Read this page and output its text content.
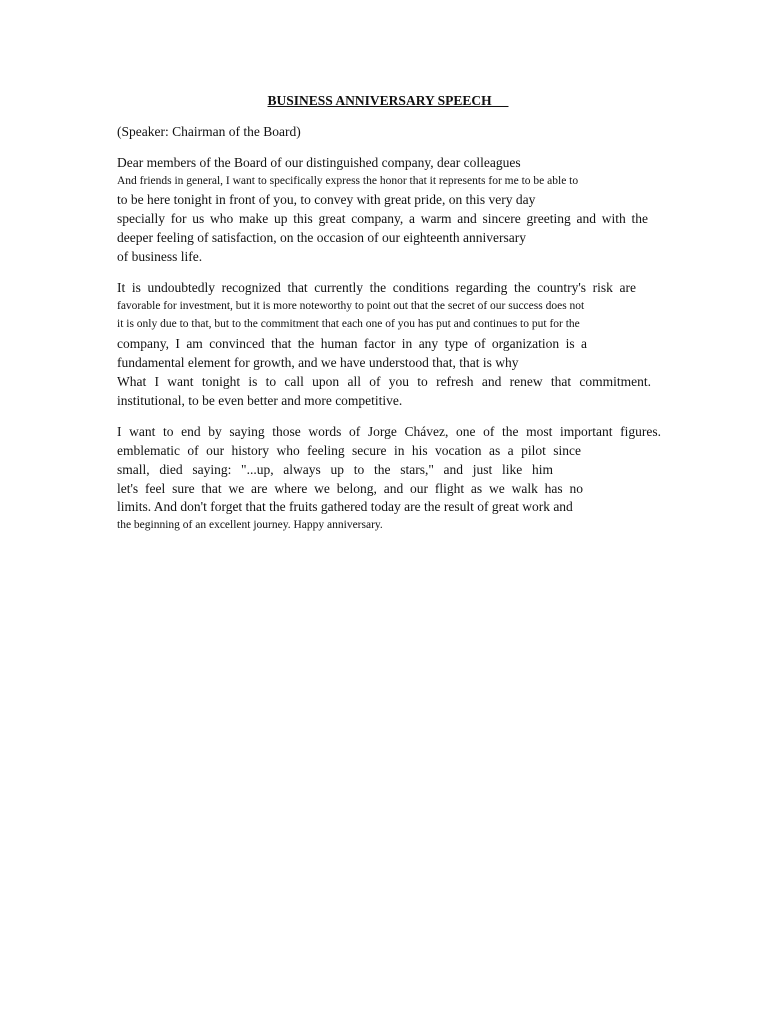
BUSINESS ANNIVERSARY SPEECH
(Speaker: Chairman of the Board)
Dear members of the Board of our distinguished company, dear colleagues
And friends in general, I want to specifically express the honor that it represents for me to be able to
to be here tonight in front of you, to convey with great pride, on this very day
specially for us who make up this great company, a warm and sincere greeting and with the
deeper feeling of satisfaction, on the occasion of our eighteenth anniversary
of business life.
It is undoubtedly recognized that currently the conditions regarding the country's risk are
favorable for investment, but it is more noteworthy to point out that the secret of our success does not
it is only due to that, but to the commitment that each one of you has put and continues to put for the
company, I am convinced that the human factor in any type of organization is a
fundamental element for growth, and we have understood that, that is why
What I want tonight is to call upon all of you to refresh and renew that commitment.
institutional, to be even better and more competitive.
I want to end by saying those words of Jorge Chávez, one of the most important figures.
emblematic of our history who feeling secure in his vocation as a pilot since
small, died saying: "...up, always up to the stars," and just like him
let's feel sure that we are where we belong, and our flight as we walk has no
limits. And don't forget that the fruits gathered today are the result of great work and
the beginning of an excellent journey. Happy anniversary.
